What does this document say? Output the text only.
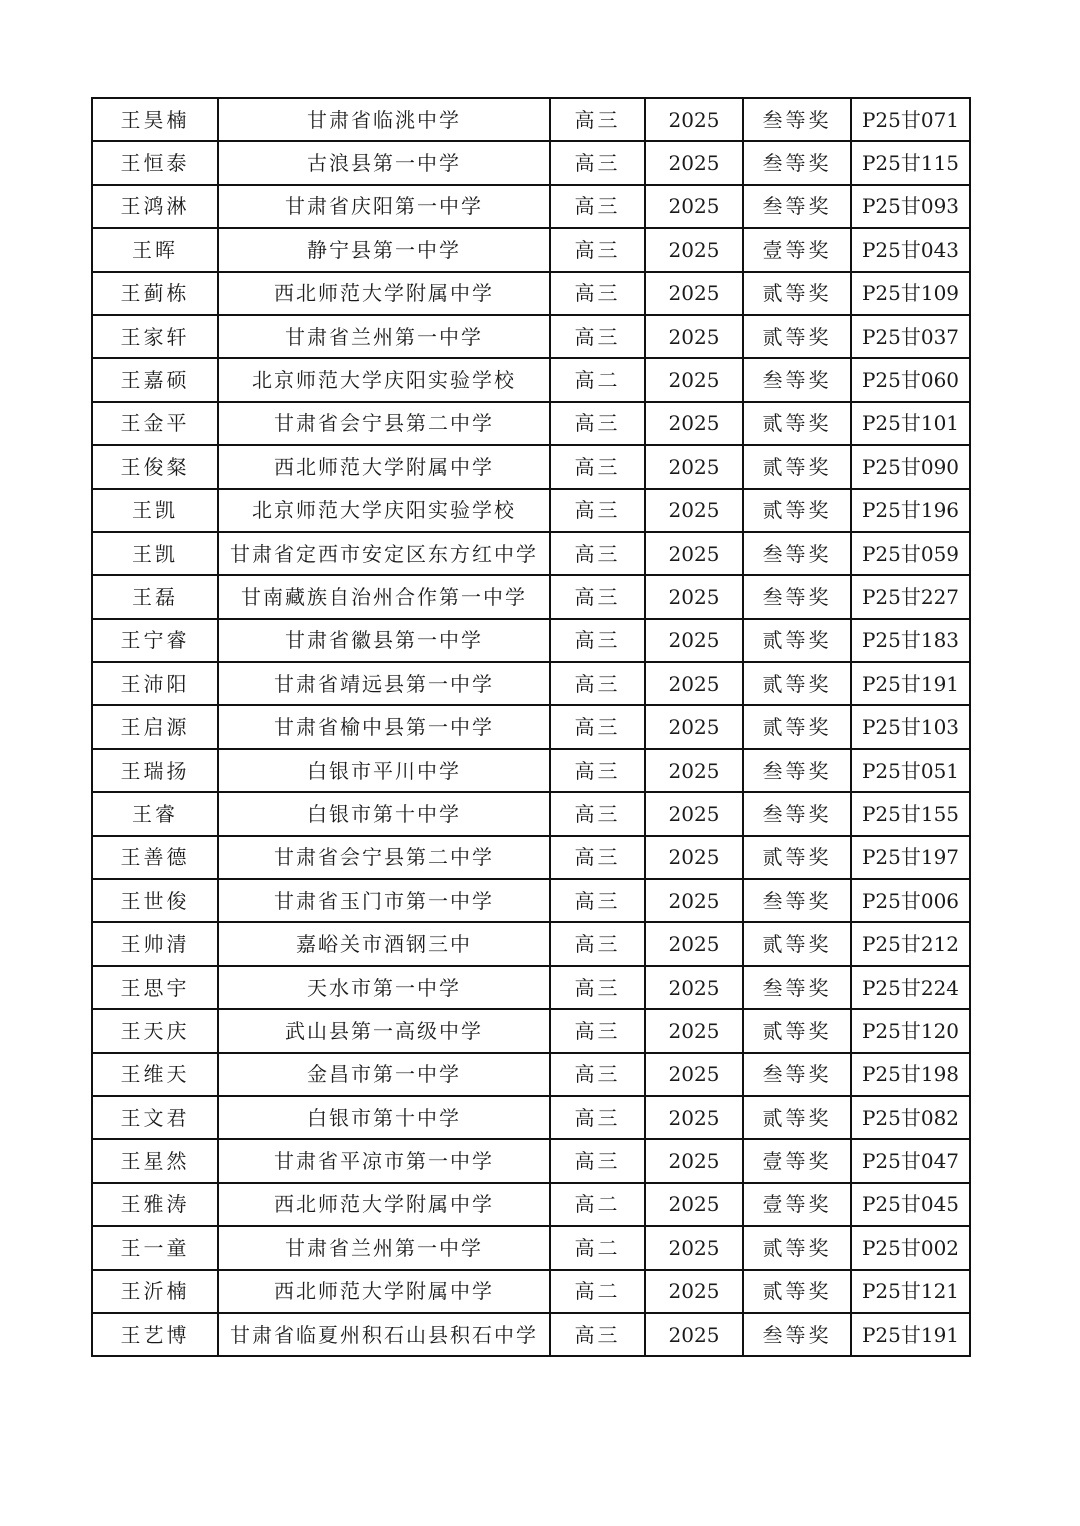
王昊楠	甘肃省临洮中学	高三	2025	叁等奖	P25甘071
王恒泰	古浪县第一中学	高三	2025	叁等奖	P25甘115
王鸿淋	甘肃省庆阳第一中学	高三	2025	叁等奖	P25甘093
王晖	静宁县第一中学	高三	2025	壹等奖	P25甘043
王蓟栋	西北师范大学附属中学	高三	2025	贰等奖	P25甘109
王家轩	甘肃省兰州第一中学	高三	2025	贰等奖	P25甘037
王嘉硕	北京师范大学庆阳实验学校	高二	2025	叁等奖	P25甘060
王金平	甘肃省会宁县第二中学	高三	2025	贰等奖	P25甘101
王俊粲	西北师范大学附属中学	高三	2025	贰等奖	P25甘090
王凯	北京师范大学庆阳实验学校	高三	2025	贰等奖	P25甘196
王凯	甘肃省定西市安定区东方红中学	高三	2025	叁等奖	P25甘059
王磊	甘南藏族自治州合作第一中学	高三	2025	叁等奖	P25甘227
王宁睿	甘肃省徽县第一中学	高三	2025	贰等奖	P25甘183
王沛阳	甘肃省靖远县第一中学	高三	2025	贰等奖	P25甘191
王启源	甘肃省榆中县第一中学	高三	2025	贰等奖	P25甘103
王瑞扬	白银市平川中学	高三	2025	叁等奖	P25甘051
王睿	白银市第十中学	高三	2025	叁等奖	P25甘155
王善德	甘肃省会宁县第二中学	高三	2025	贰等奖	P25甘197
王世俊	甘肃省玉门市第一中学	高三	2025	叁等奖	P25甘006
王帅清	嘉峪关市酒钢三中	高三	2025	贰等奖	P25甘212
王思宇	天水市第一中学	高三	2025	叁等奖	P25甘224
王天庆	武山县第一高级中学	高三	2025	贰等奖	P25甘120
王维天	金昌市第一中学	高三	2025	叁等奖	P25甘198
王文君	白银市第十中学	高三	2025	贰等奖	P25甘082
王星然	甘肃省平凉市第一中学	高三	2025	壹等奖	P25甘047
王雅涛	西北师范大学附属中学	高二	2025	壹等奖	P25甘045
王一童	甘肃省兰州第一中学	高二	2025	贰等奖	P25甘002
王沂楠	西北师范大学附属中学	高二	2025	贰等奖	P25甘121
王艺博	甘肃省临夏州积石山县积石中学	高三	2025	叁等奖	P25甘191
